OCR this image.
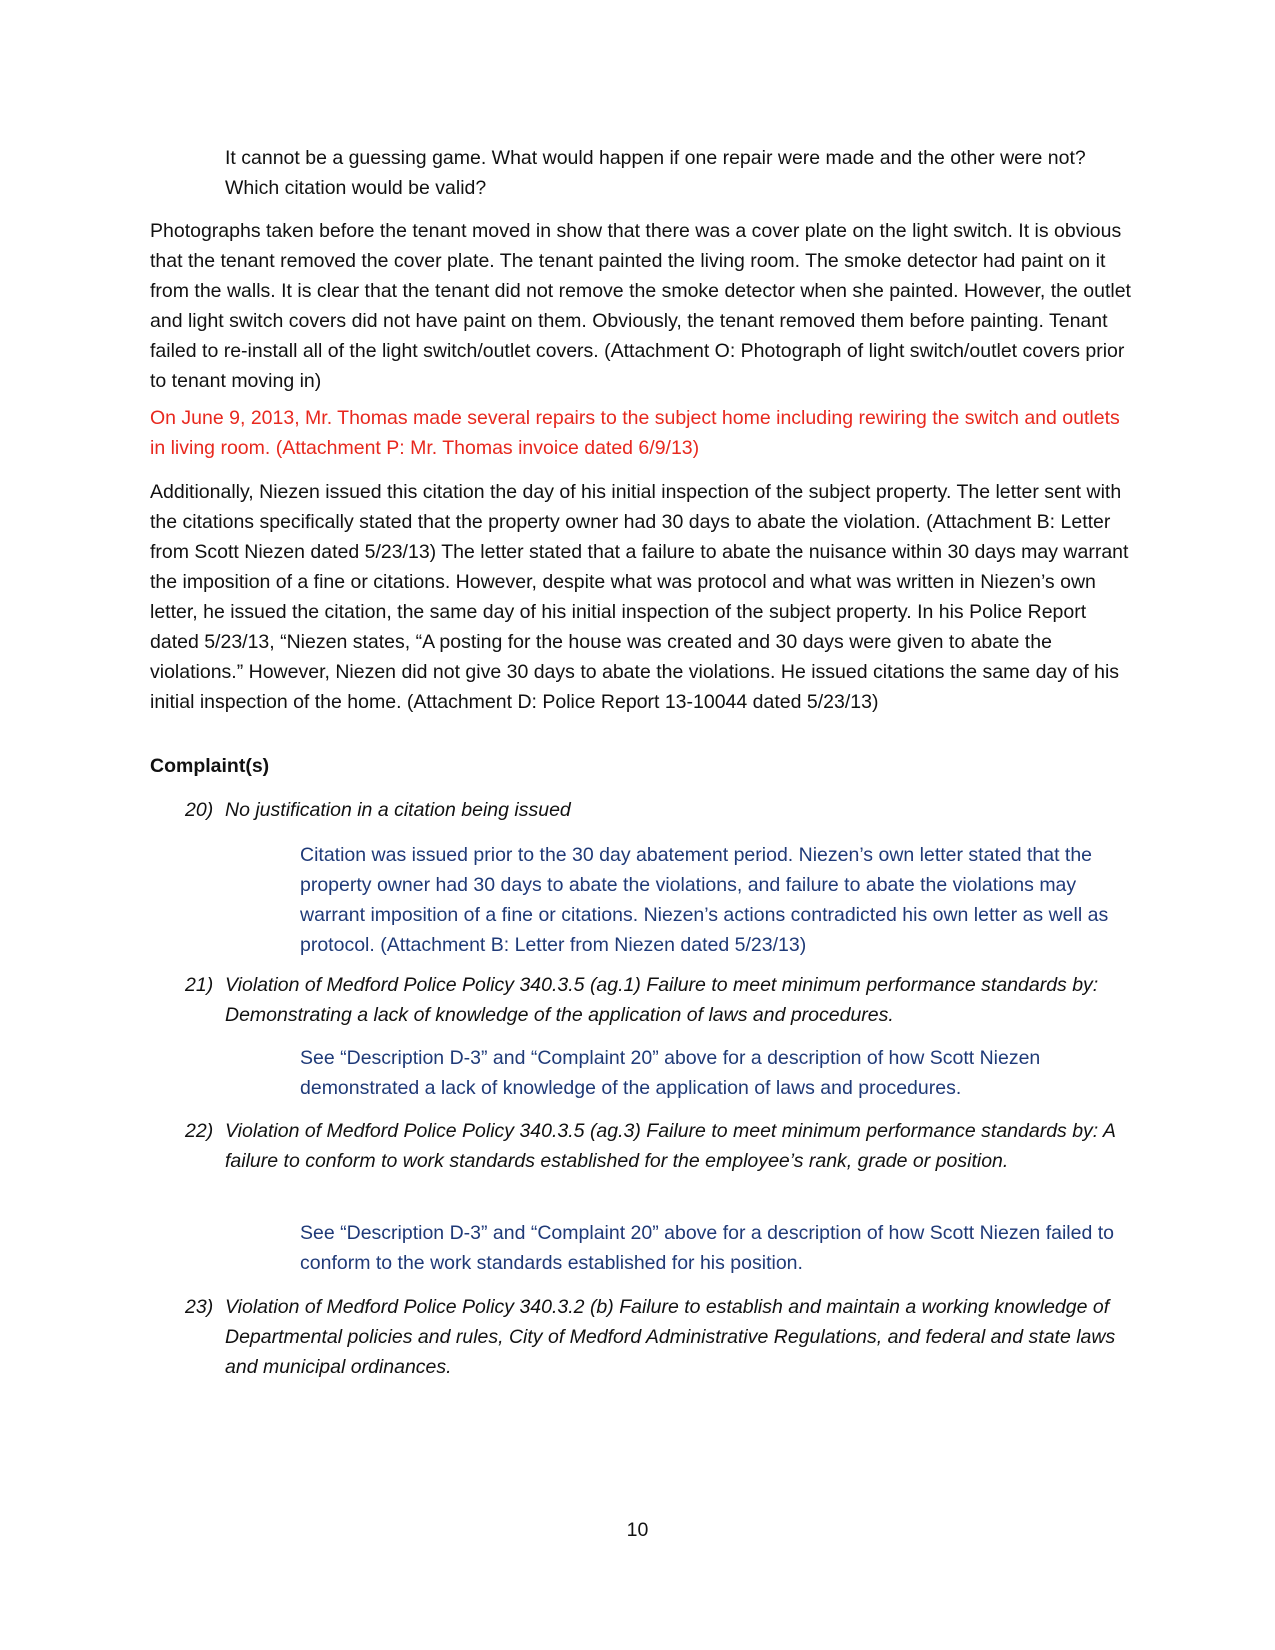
It cannot be a guessing game. What would happen if one repair were made and the other were not? Which citation would be valid?

Photographs taken before the tenant moved in show that there was a cover plate on the light switch. It is obvious that the tenant removed the cover plate. The tenant painted the living room. The smoke detector had paint on it from the walls. It is clear that the tenant did not remove the smoke detector when she painted. However, the outlet and light switch covers did not have paint on them. Obviously, the tenant removed them before painting. Tenant failed to re-install all of the light switch/outlet covers. (Attachment O: Photograph of light switch/outlet covers prior to tenant moving in)

On June 9, 2013, Mr. Thomas made several repairs to the subject home including rewiring the switch and outlets in living room. (Attachment P: Mr. Thomas invoice dated 6/9/13)

Additionally, Niezen issued this citation the day of his initial inspection of the subject property. The letter sent with the citations specifically stated that the property owner had 30 days to abate the violation. (Attachment B: Letter from Scott Niezen dated 5/23/13) The letter stated that a failure to abate the nuisance within 30 days may warrant the imposition of a fine or citations. However, despite what was protocol and what was written in Niezen’s own letter, he issued the citation, the same day of his initial inspection of the subject property. In his Police Report dated 5/23/13, “Niezen states, “A posting for the house was created and 30 days were given to abate the violations.” However, Niezen did not give 30 days to abate the violations. He issued citations the same day of his initial inspection of the home. (Attachment D: Police Report 13-10044 dated 5/23/13)

Complaint(s)

20) No justification in a citation being issued

Citation was issued prior to the 30 day abatement period. Niezen’s own letter stated that the property owner had 30 days to abate the violations, and failure to abate the violations may warrant imposition of a fine or citations. Niezen’s actions contradicted his own letter as well as protocol. (Attachment B: Letter from Niezen dated 5/23/13)

21) Violation of Medford Police Policy 340.3.5 (ag.1) Failure to meet minimum performance standards by: Demonstrating a lack of knowledge of the application of laws and procedures.

See “Description D-3” and “Complaint 20” above for a description of how Scott Niezen demonstrated a lack of knowledge of the application of laws and procedures.

22) Violation of Medford Police Policy 340.3.5 (ag.3) Failure to meet minimum performance standards by: A failure to conform to work standards established for the employee’s rank, grade or position.

See “Description D-3” and “Complaint 20” above for a description of how Scott Niezen failed to conform to the work standards established for his position.

23) Violation of Medford Police Policy 340.3.2 (b) Failure to establish and maintain a working knowledge of Departmental policies and rules, City of Medford Administrative Regulations, and federal and state laws and municipal ordinances.
10
